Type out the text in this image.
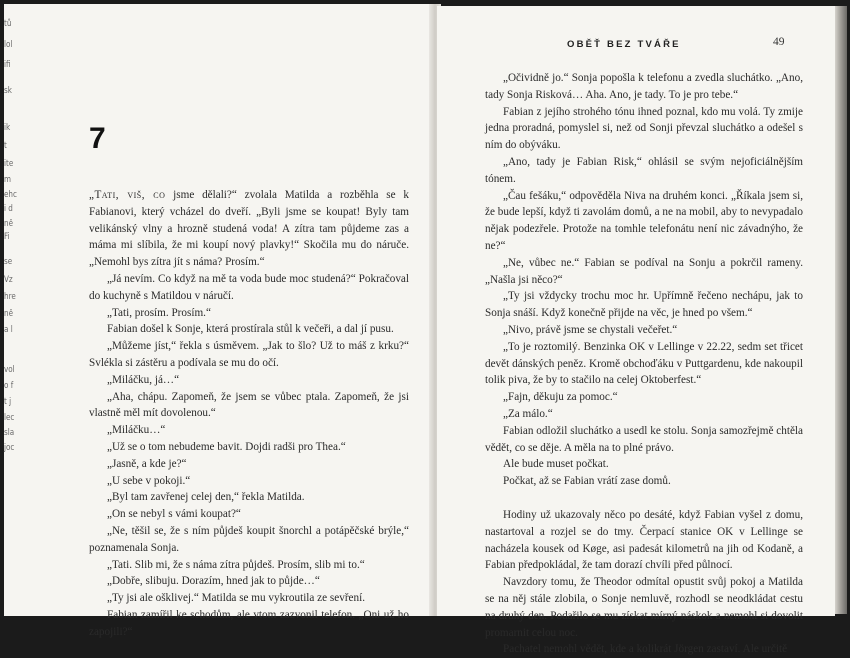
tů
lol
ifi
sk
ik
t
ite
m
ehc
i d
ně
Fi
se
Vz
hre
ně
a l
vol
o f
t j
lec
sla
joc
7

„Tati, viš, co jsme dělali?“ zvolala Matilda a rozběhla se k Fabianovi, který vcházel do dveří. „Byli jsme se koupat! Byly tam velikánský vlny a hrozně studená voda! A zítra tam půjdeme zas a máma mi slíbila, že mi koupí nový plavky!“ Skočila mu do náruče. „Nemohl bys zítra jít s náma? Prosím.“

„Já nevím. Co když na mě ta voda bude moc studená?“ Pokračoval do kuchyně s Matildou v náručí.

„Tati, prosím. Prosím.“

Fabian došel k Sonje, která prostírala stůl k večeři, a dal jí pusu.

„Můžeme jíst,“ řekla s úsměvem. „Jak to šlo? Už to máš z krku?“ Svlékla si zástěru a podívala se mu do očí.

„Miláčku, já…“

„Aha, chápu. Zapomeň, že jsem se vůbec ptala. Zapomeň, že jsi vlastně měl mít dovolenou.“

„Miláčku…“

„Už se o tom nebudeme bavit. Dojdi radši pro Thea.“

„Jasně, a kde je?“

„U sebe v pokoji.“

„Byl tam zavřenej celej den,“ řekla Matilda.

„On se nebyl s vámi koupat?“

„Ne, těšil se, že s ním půjdeš koupit šnorchl a potápěčské brýle,“ poznamenala Sonja.

„Tati. Slib mi, že s náma zítra půjdeš. Prosím, slib mi to.“

„Dobře, slibuju. Dorazím, hned jak to půjde…“

„Ty jsi ale ošklivej.“ Matilda se mu vykroutila ze sevření.

Fabian zamířil ke schodům, ale vtom zazvonil telefon. „Oni už ho zapojili?“

OBĚŤ BEZ TVÁŘE	49

„Očividně jo.“ Sonja popošla k telefonu a zvedla sluchátko. „Ano, tady Sonja Risková… Aha. Ano, je tady. To je pro tebe.“

Fabian z jejího strohého tónu ihned poznal, kdo mu volá. Ty zmije jedna proradná, pomyslel si, než od Sonji převzal sluchátko a odešel s ním do obýváku.

„Ano, tady je Fabian Risk,“ ohlásil se svým nejoficiálnějším tónem.

„Čau fešáku,“ odpověděla Niva na druhém konci. „Říkala jsem si, že bude lepší, když ti zavolám domů, a ne na mobil, aby to nevypadalo nějak podezřele. Protože na tomhle telefonátu není nic závadnýho, že ne?“

„Ne, vůbec ne.“ Fabian se podíval na Sonju a pokrčil rameny. „Našla jsi něco?“

„Ty jsi vždycky trochu moc hr. Upřímně řečeno nechápu, jak to Sonja snáší. Když konečně přijde na věc, je hned po všem.“

„Nivo, právě jsme se chystali večeřet.“

„To je roztomilý. Benzinka OK v Lellinge v 22.22, sedm set třicet devět dánských peněz. Kromě obchoďáku v Puttgardenu, kde nakoupil tolik piva, že by to stačilo na celej Oktoberfest.“

„Fajn, děkuju za pomoc.“

„Za málo.“

Fabian odložil sluchátko a usedl ke stolu. Sonja samozřejmě chtěla vědět, co se děje. A měla na to plné právo.

Ale bude muset počkat.

Počkat, až se Fabian vrátí zase domů.

Hodiny už ukazovaly něco po desáté, když Fabian vyšel z domu, nastartoval a rozjel se do tmy. Čerpací stanice OK v Lellinge se nacházela kousek od Køge, asi padesát kilometrů na jih od Kodaně, a Fabian předpokládal, že tam dorazí chvíli před půlnocí.

Navzdory tomu, že Theodor odmítal opustit svůj pokoj a Matilda se na něj stále zlobila, o Sonje nemluvě, rozhodl se neodkládat cestu na druhý den. Podařilo se mu získat mírný náskok a nemohl si dovolit promarnit celou noc.

Pachatel nemohl vědět, kde a kolikrát Jörgen zastaví. Ale určitě
